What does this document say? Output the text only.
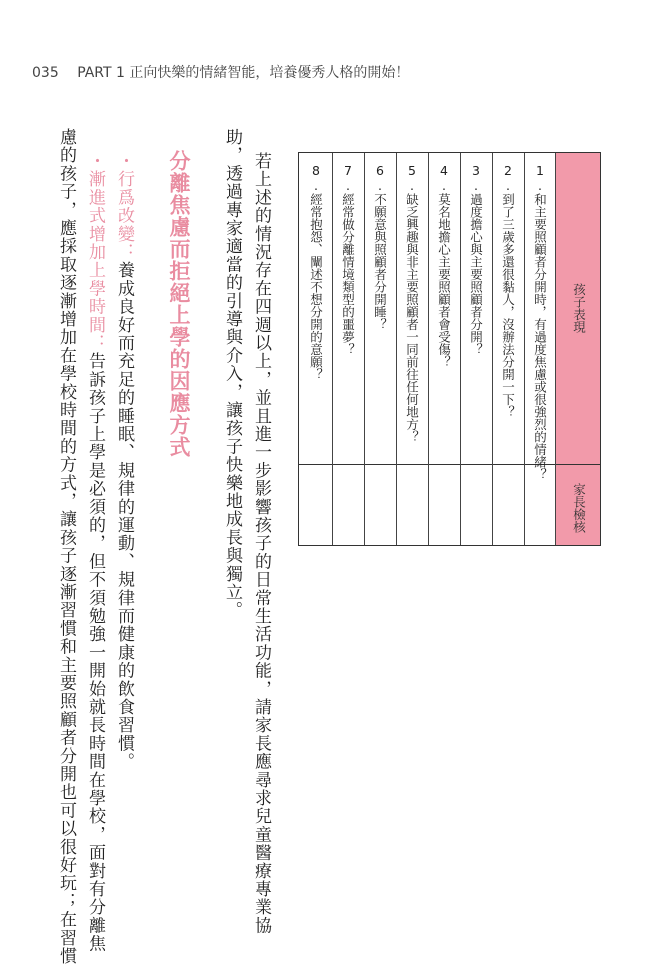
035 PART 1 正向快樂的情緒智能，培養優秀人格的開始！
孩子表現
家長檢核
1.和主要照顧者分開時，有過度焦慮或很強烈的情緒？
2.到了三歲多還很黏人，沒辦法分開一下？
3.過度擔心與主要照顧者分開？
4.莫名地擔心主要照顧者會受傷？
5.缺乏興趣與非主要照顧者一同前往任何地方？
6.不願意與照顧者分開睡？
7.經常做分離情境類型的噩夢？
8.經常抱怨、闡述不想分開的意願？
若上述的情況存在四週以上，並且進一步影響孩子的日常生活功能，請家長應尋求兒童醫療專業協
助，透過專家適當的引導與介入，讓孩子快樂地成長與獨立。
分離焦慮而拒絕上學的因應方式
・行爲改變：養成良好而充足的睡眠、規律的運動、規律而健康的飲食習慣。
・漸進式增加上學時間：告訴孩子上學是必須的，但不須勉強一開始就長時間在學校，面對有分離焦
慮的孩子，應採取逐漸增加在學校時間的方式，讓孩子逐漸習慣和主要照顧者分開也可以很好玩；在習慣
